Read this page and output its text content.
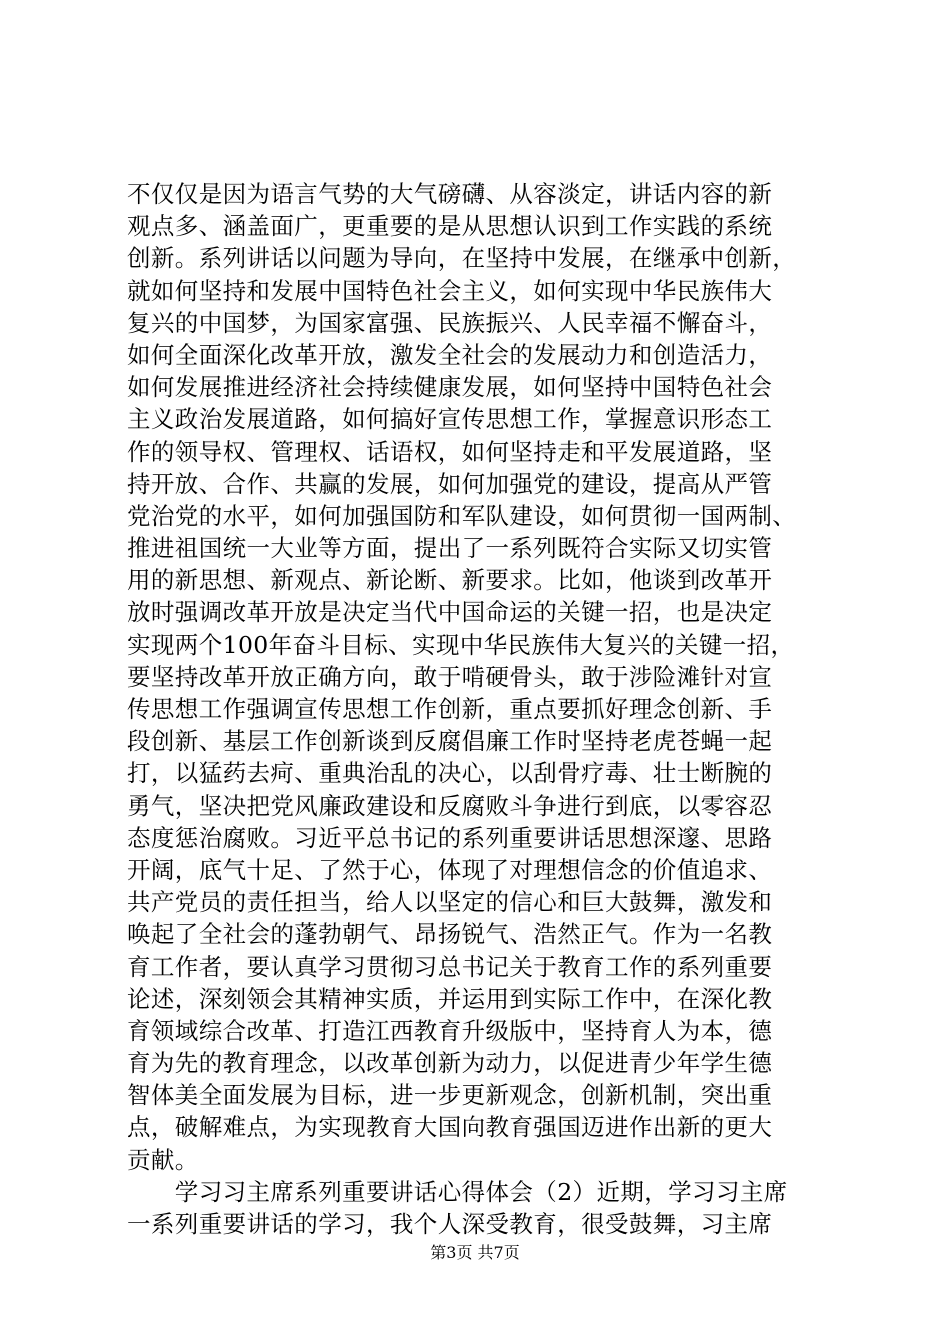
不仅仅是因为语言气势的大气磅礴、从容淡定，讲话内容的新
观点多、涵盖面广，更重要的是从思想认识到工作实践的系统
创新。系列讲话以问题为导向，在坚持中发展，在继承中创新，
就如何坚持和发展中国特色社会主义，如何实现中华民族伟大
复兴的中国梦，为国家富强、民族振兴、人民幸福不懈奋斗，
如何全面深化改革开放，激发全社会的发展动力和创造活力，
如何发展推进经济社会持续健康发展，如何坚持中国特色社会
主义政治发展道路，如何搞好宣传思想工作，掌握意识形态工
作的领导权、管理权、话语权，如何坚持走和平发展道路，坚
持开放、合作、共赢的发展，如何加强党的建设，提高从严管
党治党的水平，如何加强国防和军队建设，如何贯彻一国两制、
推进祖国统一大业等方面，提出了一系列既符合实际又切实管
用的新思想、新观点、新论断、新要求。比如，他谈到改革开
放时强调改革开放是决定当代中国命运的关键一招，也是决定
实现两个100年奋斗目标、实现中华民族伟大复兴的关键一招，
要坚持改革开放正确方向，敢于啃硬骨头，敢于涉险滩针对宣
传思想工作强调宣传思想工作创新，重点要抓好理念创新、手
段创新、基层工作创新谈到反腐倡廉工作时坚持老虎苍蝇一起
打，以猛药去疴、重典治乱的决心，以刮骨疗毒、壮士断腕的
勇气，坚决把党风廉政建设和反腐败斗争进行到底，以零容忍
态度惩治腐败。习近平总书记的系列重要讲话思想深邃、思路
开阔，底气十足、了然于心，体现了对理想信念的价值追求、
共产党员的责任担当，给人以坚定的信心和巨大鼓舞，激发和
唤起了全社会的蓬勃朝气、昂扬锐气、浩然正气。作为一名教
育工作者，要认真学习贯彻习总书记关于教育工作的系列重要
论述，深刻领会其精神实质，并运用到实际工作中，在深化教
育领域综合改革、打造江西教育升级版中，坚持育人为本，德
育为先的教育理念，以改革创新为动力，以促进青少年学生德
智体美全面发展为目标，进一步更新观念，创新机制，突出重
点，破解难点，为实现教育大国向教育强国迈进作出新的更大
贡献。
　　学习习主席系列重要讲话心得体会（2）近期，学习习主席
一系列重要讲话的学习，我个人深受教育，很受鼓舞，习主席
第3页 共7页
